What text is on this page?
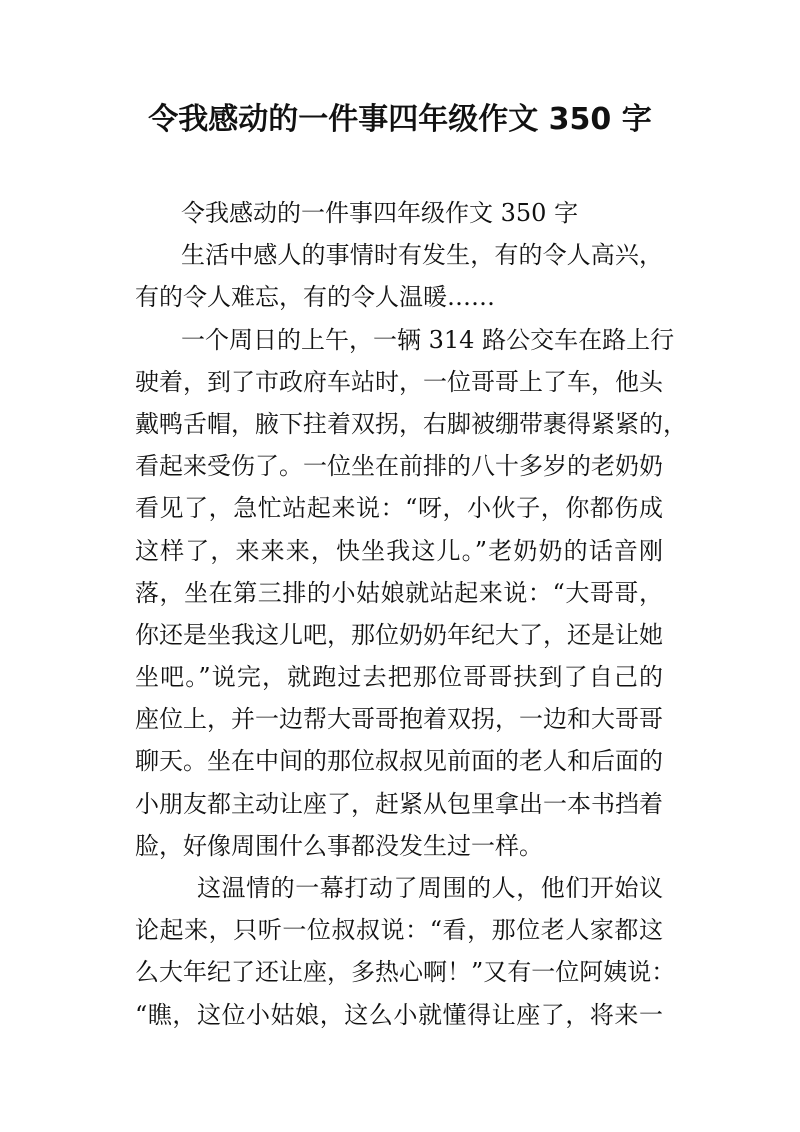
令我感动的一件事四年级作文 350 字
令我感动的一件事四年级作文 350 字
生活中感人的事情时有发生，有的令人高兴，
有的令人难忘，有的令人温暖……
一个周日的上午，一辆 314 路公交车在路上行
驶着，到了市政府车站时，一位哥哥上了车，他头
戴鸭舌帽，腋下拄着双拐，右脚被绷带裹得紧紧的，
看起来受伤了。一位坐在前排的八十多岁的老奶奶
看见了，急忙站起来说：“呀，小伙子，你都伤成
这样了，来来来，快坐我这儿。”老奶奶的话音刚
落，坐在第三排的小姑娘就站起来说：“大哥哥，
你还是坐我这儿吧，那位奶奶年纪大了，还是让她
坐吧。”说完，就跑过去把那位哥哥扶到了自己的
座位上，并一边帮大哥哥抱着双拐，一边和大哥哥
聊天。坐在中间的那位叔叔见前面的老人和后面的
小朋友都主动让座了，赶紧从包里拿出一本书挡着
脸，好像周围什么事都没发生过一样。
这温情的一幕打动了周围的人，他们开始议
论起来，只听一位叔叔说：“看，那位老人家都这
么大年纪了还让座，多热心啊！”又有一位阿姨说：
“瞧，这位小姑娘，这么小就懂得让座了，将来一
